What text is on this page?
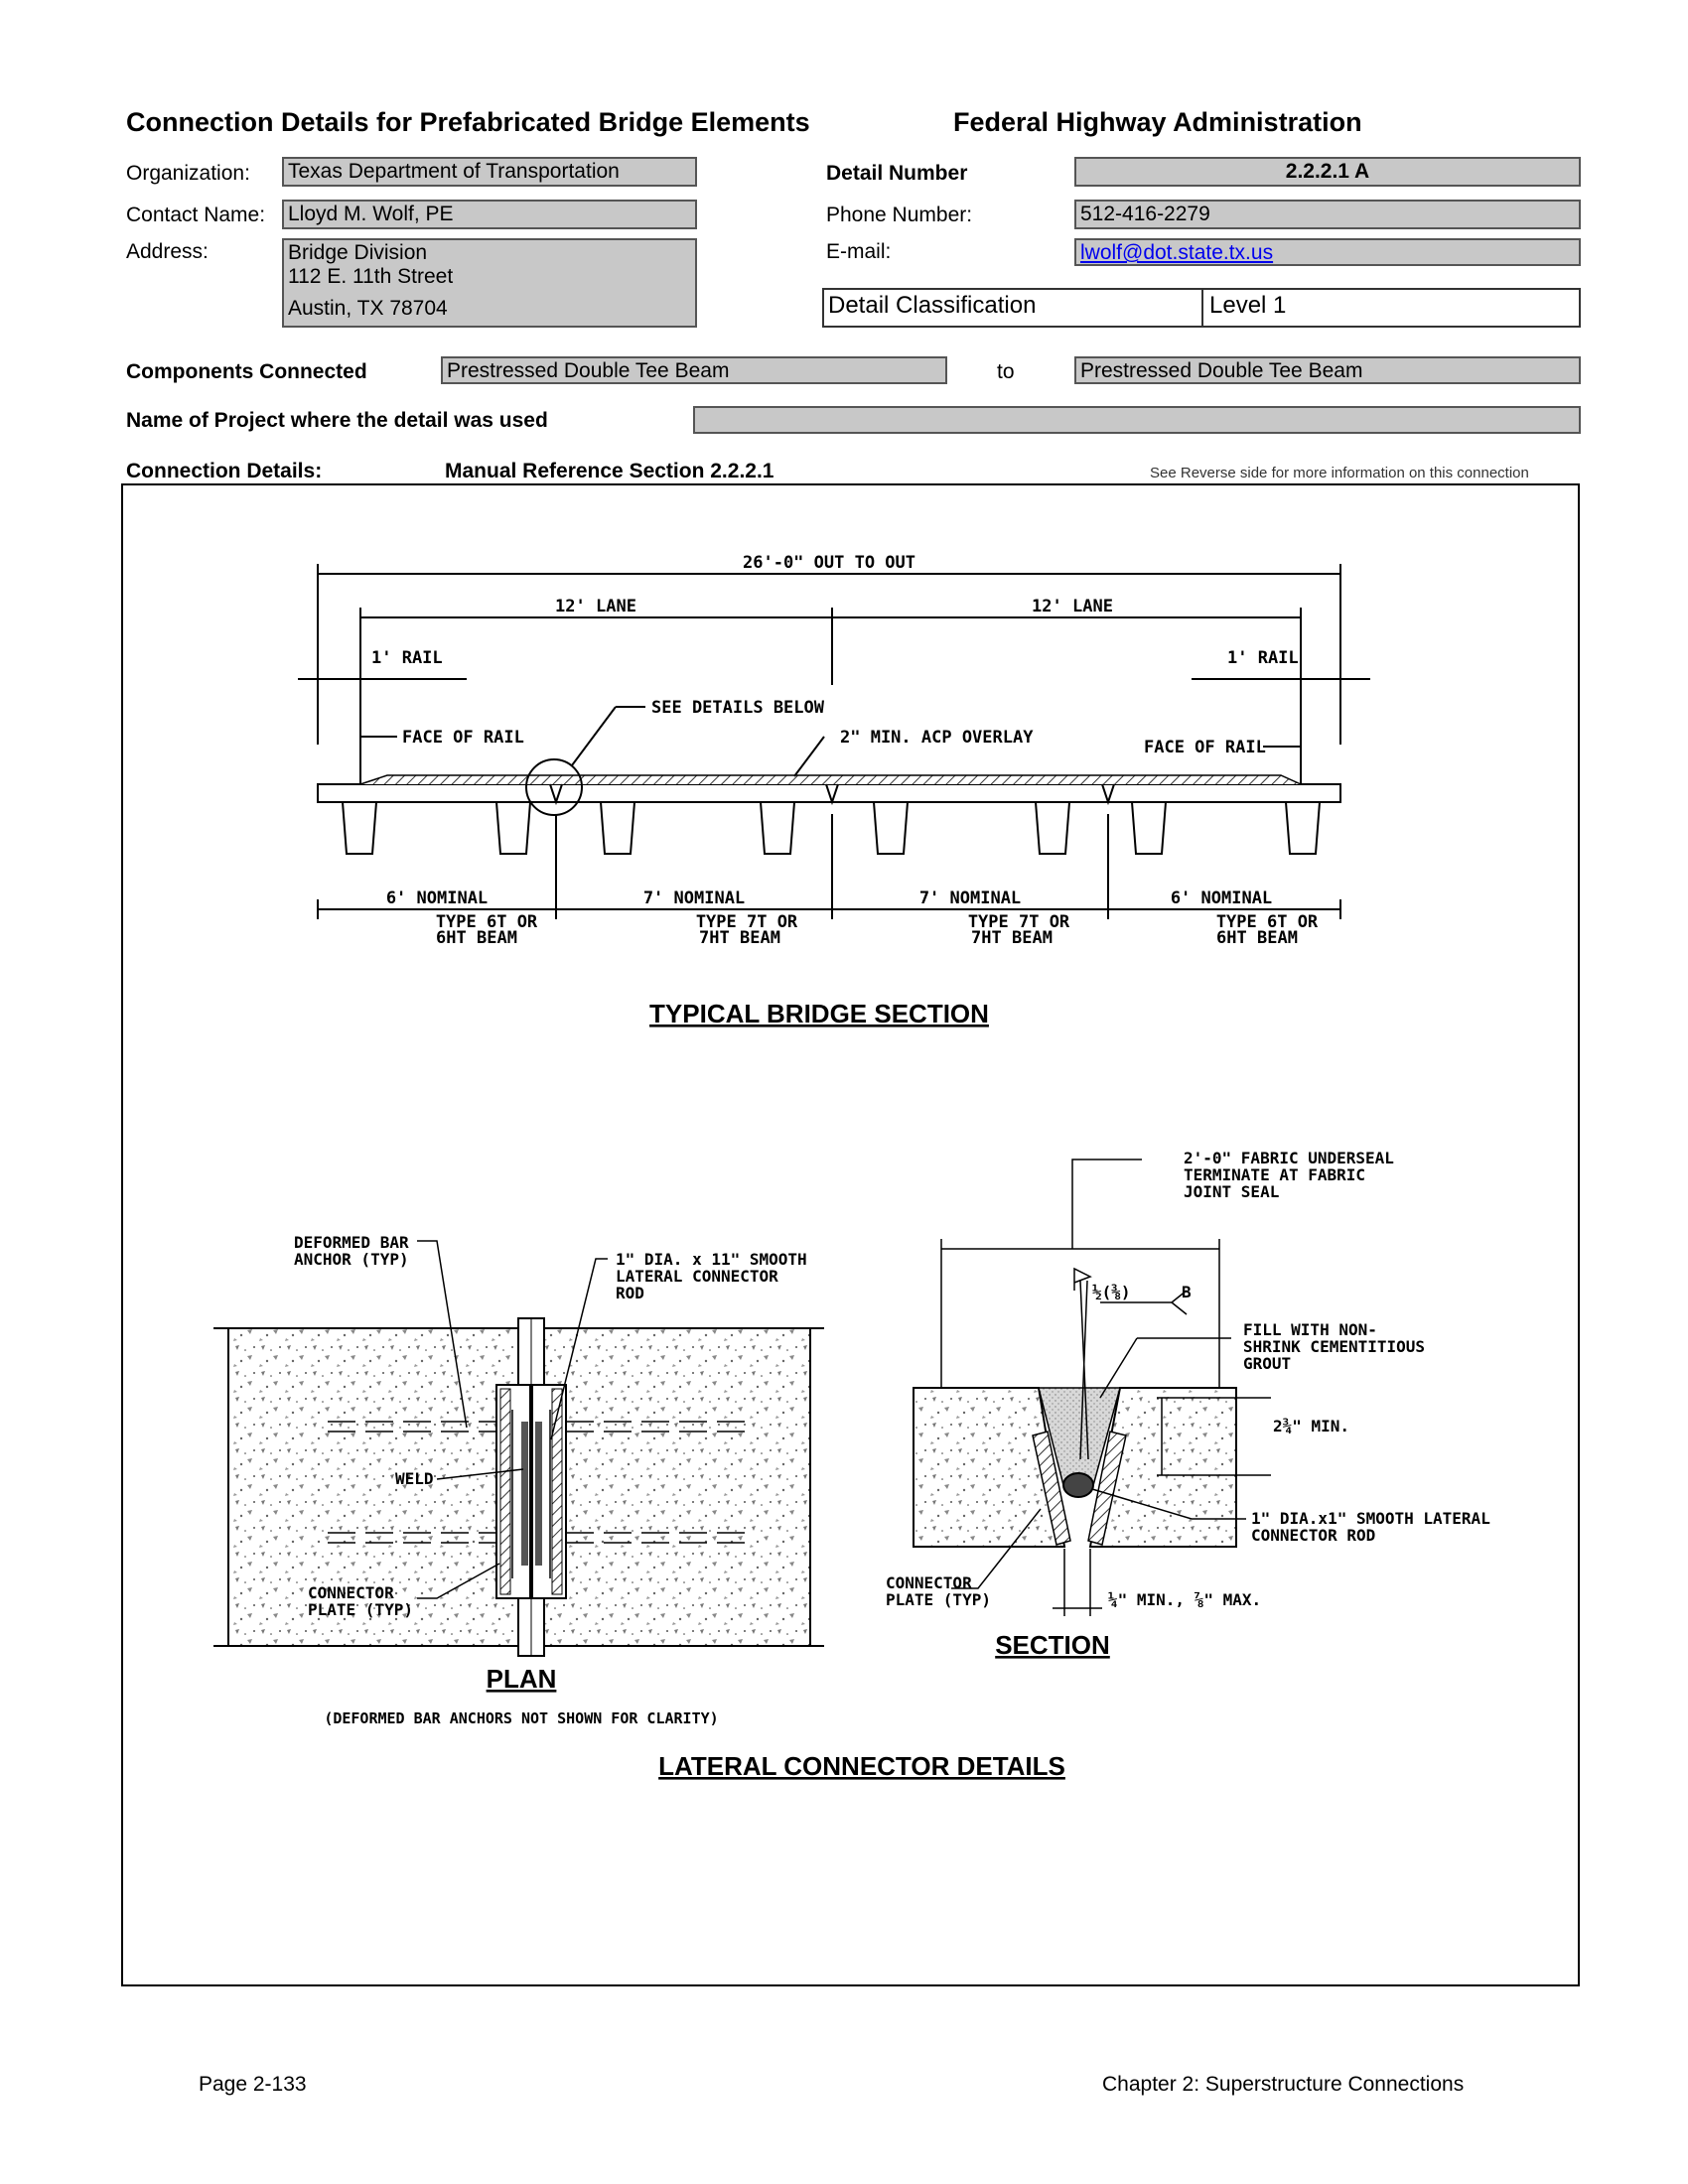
Connection Details for Prefabricated Bridge Elements	Federal Highway Administration
Organization: Texas Department of Transportation
Contact Name: Lloyd M. Wolf, PE
Address:	Bridge Division
112 E. 11th Street
Austin, TX 78704
Detail Number	2.2.2.1 A
Phone Number:	512-416-2279
E-mail:	lwolf@dot.state.tx.us
Detail Classification	Level 1
Components Connected	Prestressed Double Tee Beam	to	Prestressed Double Tee Beam
Name of Project where the detail was used
Connection Details:	Manual Reference Section 2.2.2.1	See Reverse side for more information on this connection
26'-0" OUT TO OUT
12' LANE	12' LANE
1' RAIL	1' RAIL
SEE DETAILS BELOW
FACE OF RAIL	2" MIN. ACP OVERLAY	FACE OF RAIL
6' NOMINAL	7' NOMINAL	7' NOMINAL	6' NOMINAL
TYPE 6T OR
6HT BEAM
TYPE 7T OR
7HT BEAM
TYPE 7T OR
7HT BEAM
TYPE 6T OR
6HT BEAM
TYPICAL BRIDGE SECTION
DEFORMED BAR
ANCHOR (TYP)	1" DIA. x 11" SMOOTH
LATERAL CONNECTOR
ROD
WELD
CONNECTOR
PLATE (TYP)
(DEFORMED BAR ANCHORS NOT SHOWN FOR CLARITY)
PLAN
2'-0" FABRIC UNDERSEAL
TERMINATE AT FABRIC
JOINT SEAL
½(⅜)	B
FILL WITH NON-
SHRINK CEMENTITIOUS
GROUT
2¾" MIN.
1" DIA.x1" SMOOTH LATERAL
CONNECTOR ROD
CONNECTOR
PLATE (TYP)	¼" MIN., ⅞" MAX.
SECTION
LATERAL CONNECTOR DETAILS
Page 2-133	Chapter 2: Superstructure Connections
